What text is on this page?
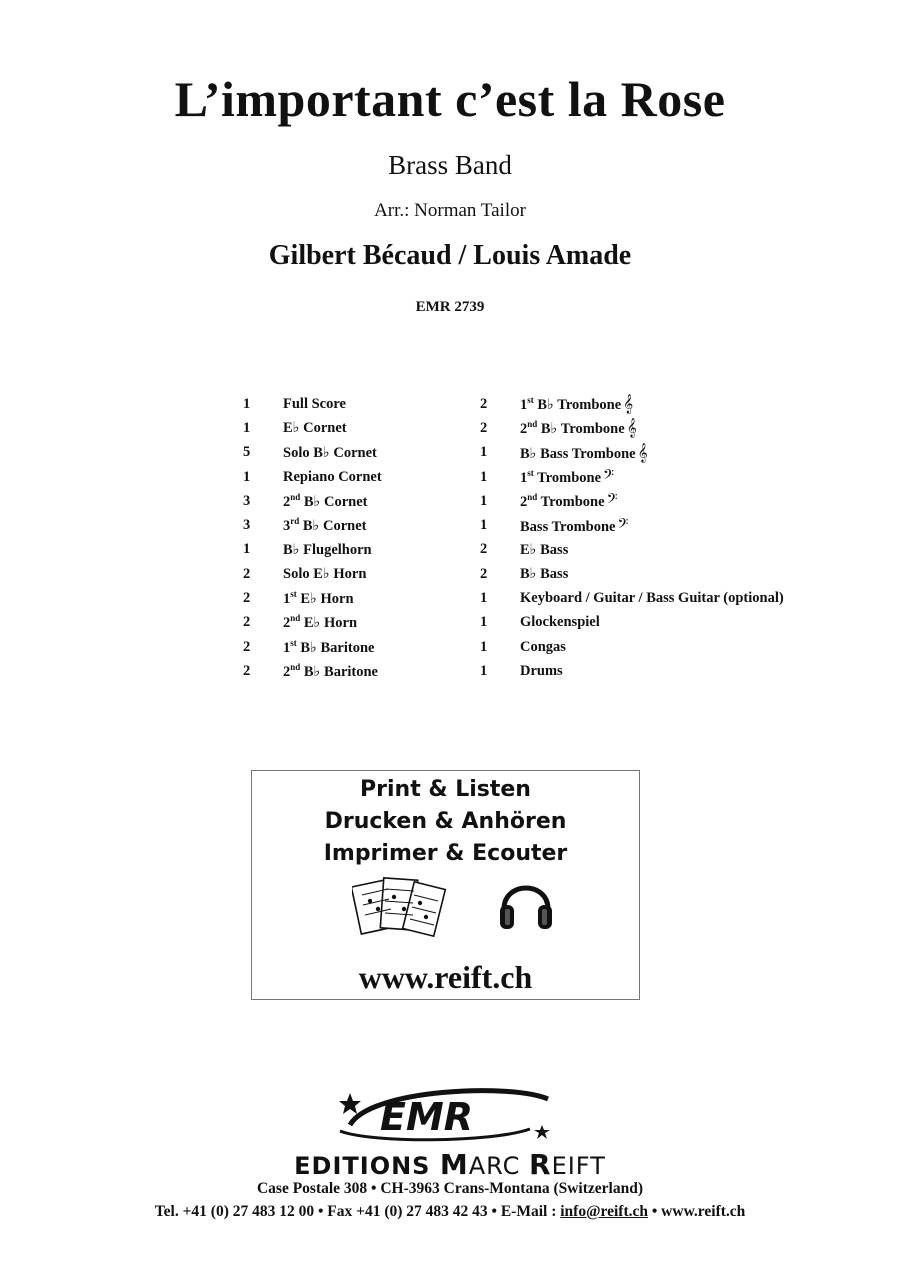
L’important c’est la Rose
Brass Band
Arr.: Norman Tailor
Gilbert Bécaud / Louis Amade
EMR 2739
1	Full Score
1	E♭ Cornet
5	Solo B♭ Cornet
1	Repiano Cornet
3	2nd B♭ Cornet
3	3rd B♭ Cornet
1	B♭ Flugelhorn
2	Solo E♭ Horn
2	1st E♭ Horn
2	2nd E♭ Horn
2	1st B♭ Baritone
2	2nd B♭ Baritone
2	1st B♭ Trombone 𝄞
2	2nd B♭ Trombone 𝄞
1	B♭ Bass Trombone 𝄞
1	1st Trombone 𝄢
1	2nd Trombone 𝄢
1	Bass Trombone 𝄢
2	E♭ Bass
2	B♭ Bass
1	Keyboard / Guitar / Bass Guitar (optional)
1	Glockenspiel
1	Congas
1	Drums
Print & Listen
Drucken & Anhören
Imprimer & Ecouter
www.reift.ch
EMR
EDITIONS MARC REIFT
Case Postale 308 • CH-3963 Crans-Montana (Switzerland)
Tel. +41 (0) 27 483 12 00 • Fax +41 (0) 27 483 42 43 • E-Mail : info@reift.ch • www.reift.ch
